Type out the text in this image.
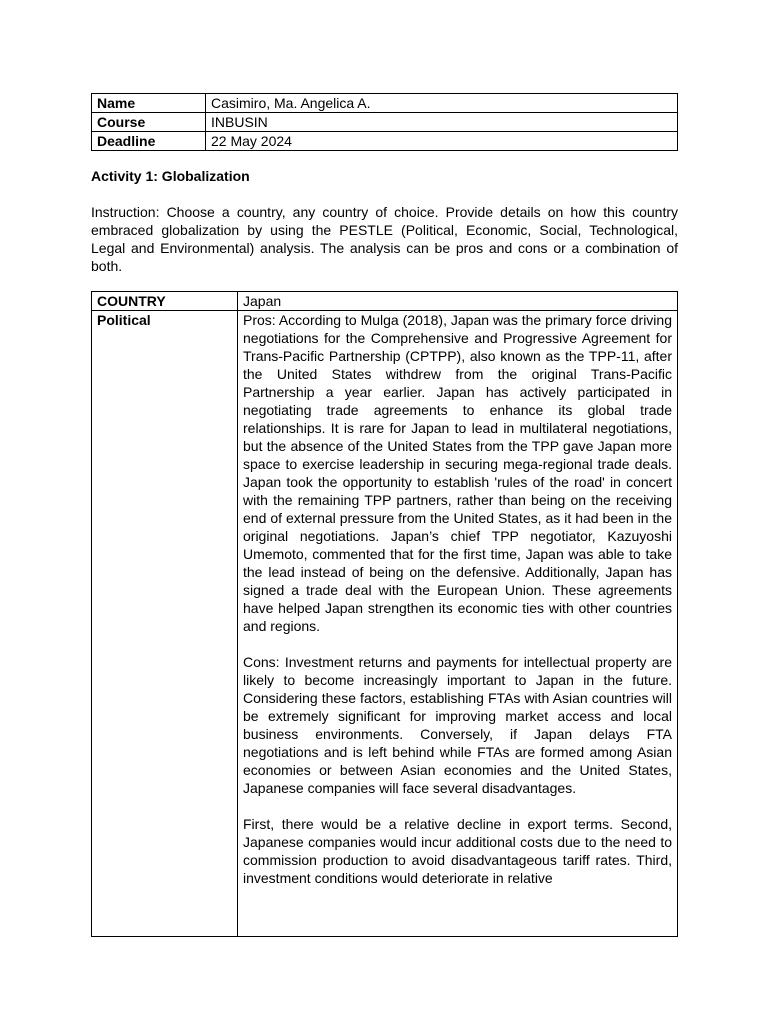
Name	Casimiro, Ma. Angelica A.
Course	INBUSIN
Deadline	22 May 2024
Activity 1: Globalization

Instruction: Choose a country, any country of choice. Provide details on how this country embraced globalization by using the PESTLE (Political, Economic, Social, Technological, Legal and Environmental) analysis. The analysis can be pros and cons or a combination of both.

COUNTRY	Japan
Political	Pros: According to Mulga (2018), Japan was the primary force driving negotiations for the Comprehensive and Progressive Agreement for Trans-Pacific Partnership (CPTPP), also known as the TPP-11, after the United States withdrew from the original Trans-Pacific Partnership a year earlier. Japan has actively participated in negotiating trade agreements to enhance its global trade relationships. It is rare for Japan to lead in multilateral negotiations, but the absence of the United States from the TPP gave Japan more space to exercise leadership in securing mega-regional trade deals. Japan took the opportunity to establish 'rules of the road' in concert with the remaining TPP partners, rather than being on the receiving end of external pressure from the United States, as it had been in the original negotiations. Japan’s chief TPP negotiator, Kazuyoshi Umemoto, commented that for the first time, Japan was able to take the lead instead of being on the defensive. Additionally, Japan has signed a trade deal with the European Union. These agreements have helped Japan strengthen its economic ties with other countries and regions.

Cons: Investment returns and payments for intellectual property are likely to become increasingly important to Japan in the future. Considering these factors, establishing FTAs with Asian countries will be extremely significant for improving market access and local business environments. Conversely, if Japan delays FTA negotiations and is left behind while FTAs are formed among Asian economies or between Asian economies and the United States, Japanese companies will face several disadvantages.

First, there would be a relative decline in export terms. Second, Japanese companies would incur additional costs due to the need to commission production to avoid disadvantageous tariff rates. Third, investment conditions would deteriorate in relative
